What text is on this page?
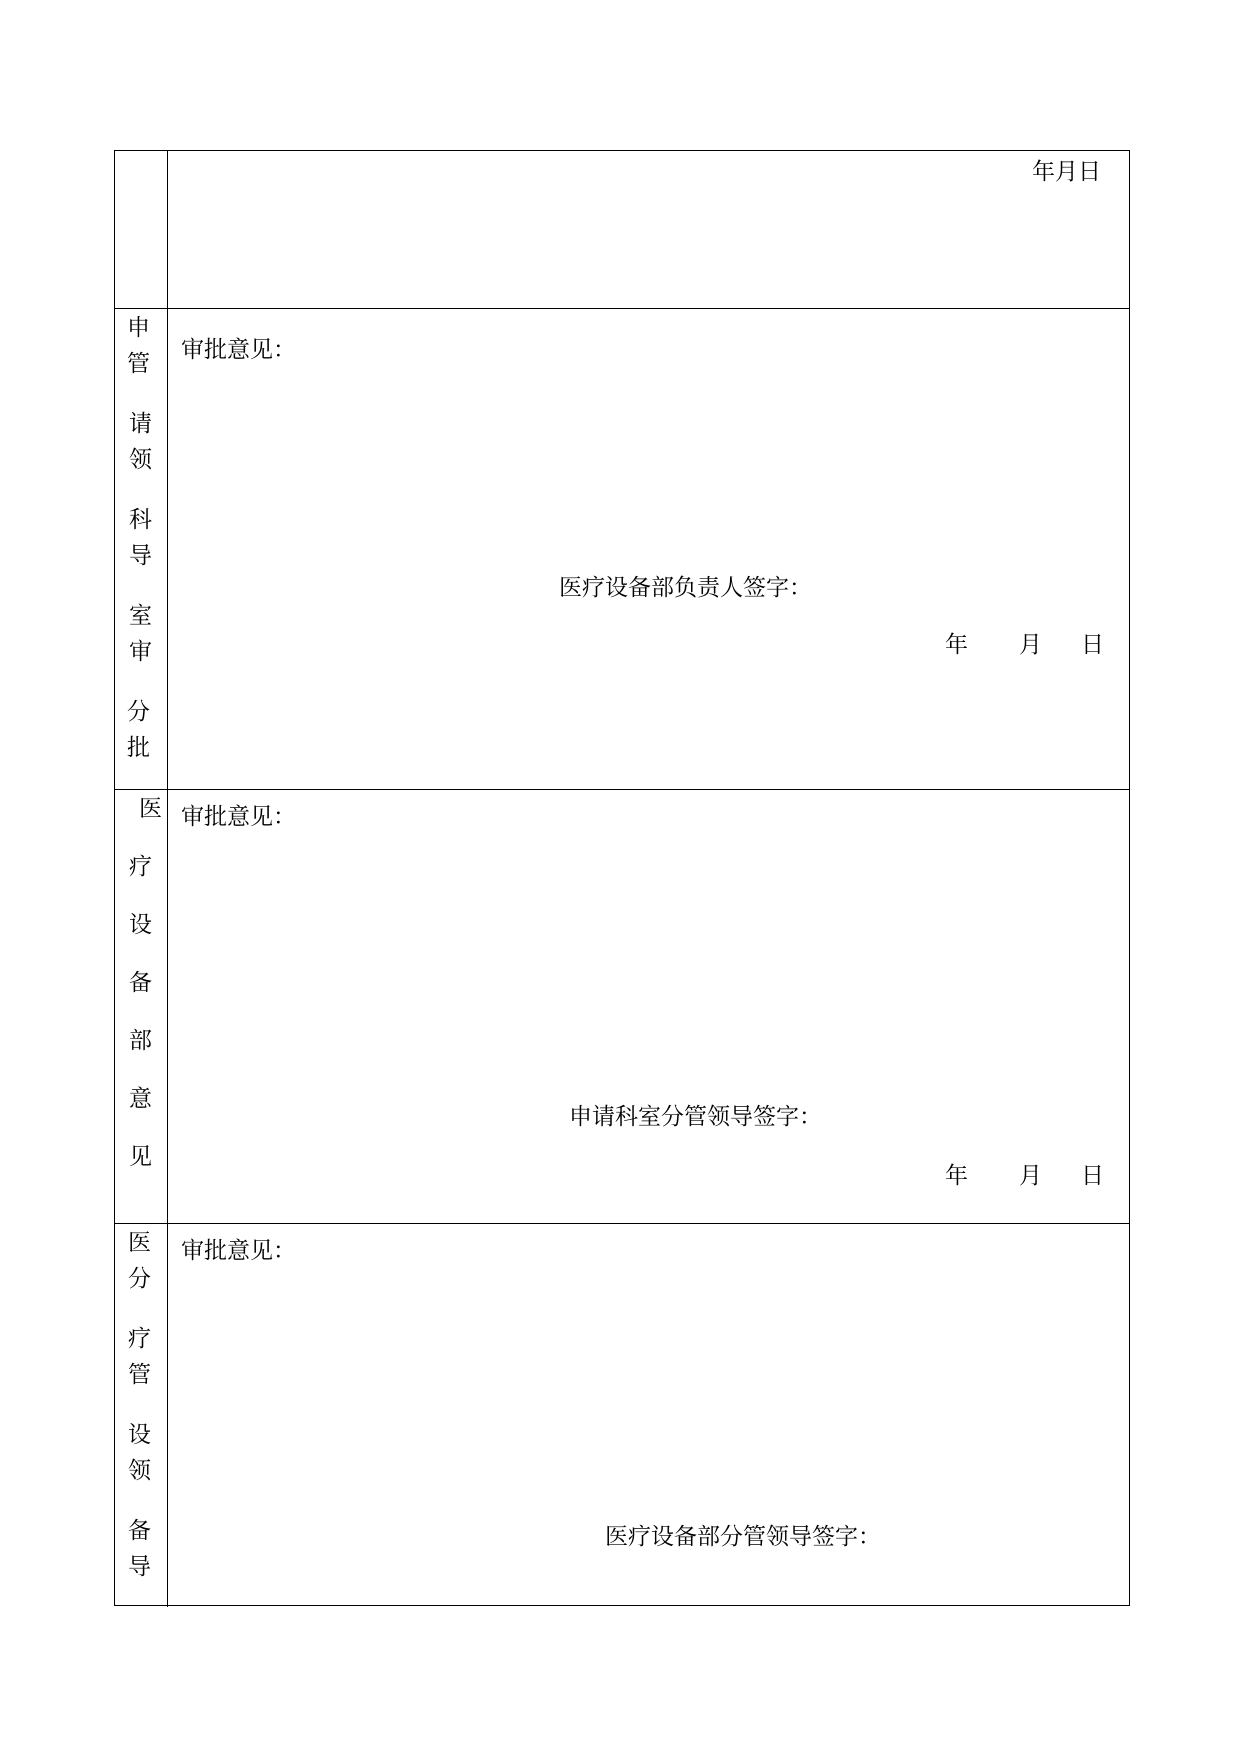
年月日
申
管
请
领
科
导
室
审
分
批
审批意见：
医疗设备部负责人签字：
年 月 日
医
疗
设
备
部
意
见
审批意见：
申请科室分管领导签字：
年 月 日
医
分
疗
管
设
领
备
导
审批意见：
医疗设备部分管领导签字：
